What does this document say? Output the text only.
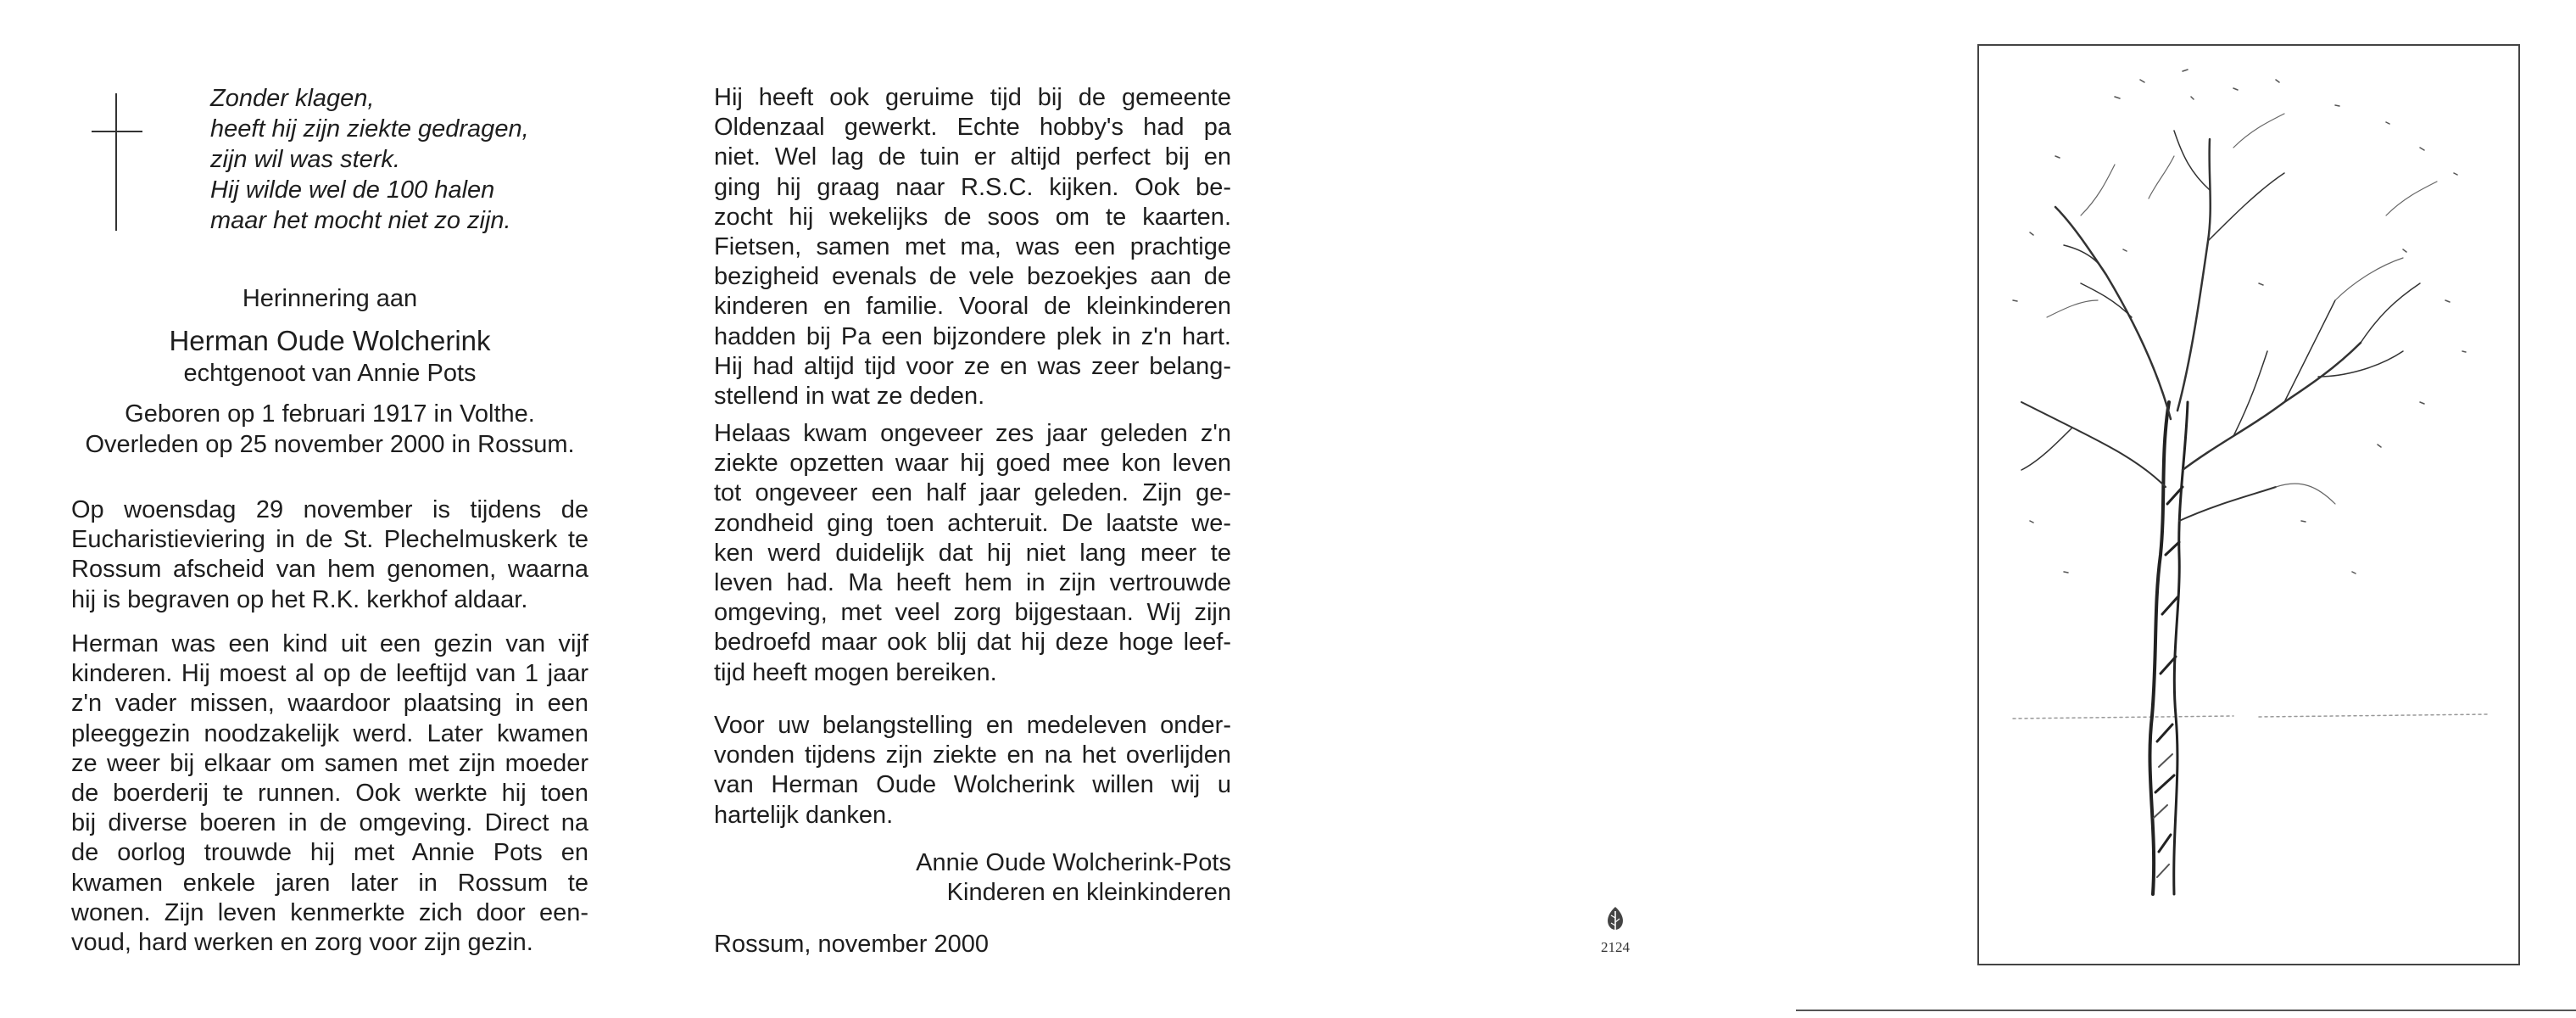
Zonder klagen,
heeft hij zijn ziekte gedragen,
zijn wil was sterk.
Hij wilde wel de 100 halen
maar het mocht niet zo zijn.
Herinnering aan
Herman Oude Wolcherink
echtgenoot van Annie Pots
Geboren op 1 februari 1917 in Volthe.
Overleden op 25 november 2000 in Rossum.
Op woensdag 29 november is tijdens de
Eucharistieviering in de St. Plechelmuskerk te
Rossum afscheid van hem genomen, waarna
hij is begraven op het R.K. kerkhof aldaar.
Herman was een kind uit een gezin van vijf
kinderen. Hij moest al op de leeftijd van 1 jaar
z'n vader missen, waardoor plaatsing in een
pleeggezin noodzakelijk werd. Later kwamen
ze weer bij elkaar om samen met zijn moeder
de boerderij te runnen. Ook werkte hij toen
bij diverse boeren in de omgeving. Direct na
de oorlog trouwde hij met Annie Pots en
kwamen enkele jaren later in Rossum te
wonen. Zijn leven kenmerkte zich door een-
voud, hard werken en zorg voor zijn gezin.
Hij heeft ook geruime tijd bij de gemeente
Oldenzaal gewerkt. Echte hobby's had pa
niet. Wel lag de tuin er altijd perfect bij en
ging hij graag naar R.S.C. kijken. Ook be-
zocht hij wekelijks de soos om te kaarten.
Fietsen, samen met ma, was een prachtige
bezigheid evenals de vele bezoekjes aan de
kinderen en familie. Vooral de kleinkinderen
hadden bij Pa een bijzondere plek in z'n hart.
Hij had altijd tijd voor ze en was zeer belang-
stellend in wat ze deden.
Helaas kwam ongeveer zes jaar geleden z'n
ziekte opzetten waar hij goed mee kon leven
tot ongeveer een half jaar geleden. Zijn ge-
zondheid ging toen achteruit. De laatste we-
ken werd duidelijk dat hij niet lang meer te
leven had. Ma heeft hem in zijn vertrouwde
omgeving, met veel zorg bijgestaan. Wij zijn
bedroefd maar ook blij dat hij deze hoge leef-
tijd heeft mogen bereiken.
Voor uw belangstelling en medeleven onder-
vonden tijdens zijn ziekte en na het overlijden
van Herman Oude Wolcherink willen wij u
hartelijk danken.
Annie Oude Wolcherink-Pots
Kinderen en kleinkinderen
Rossum, november 2000	2124
